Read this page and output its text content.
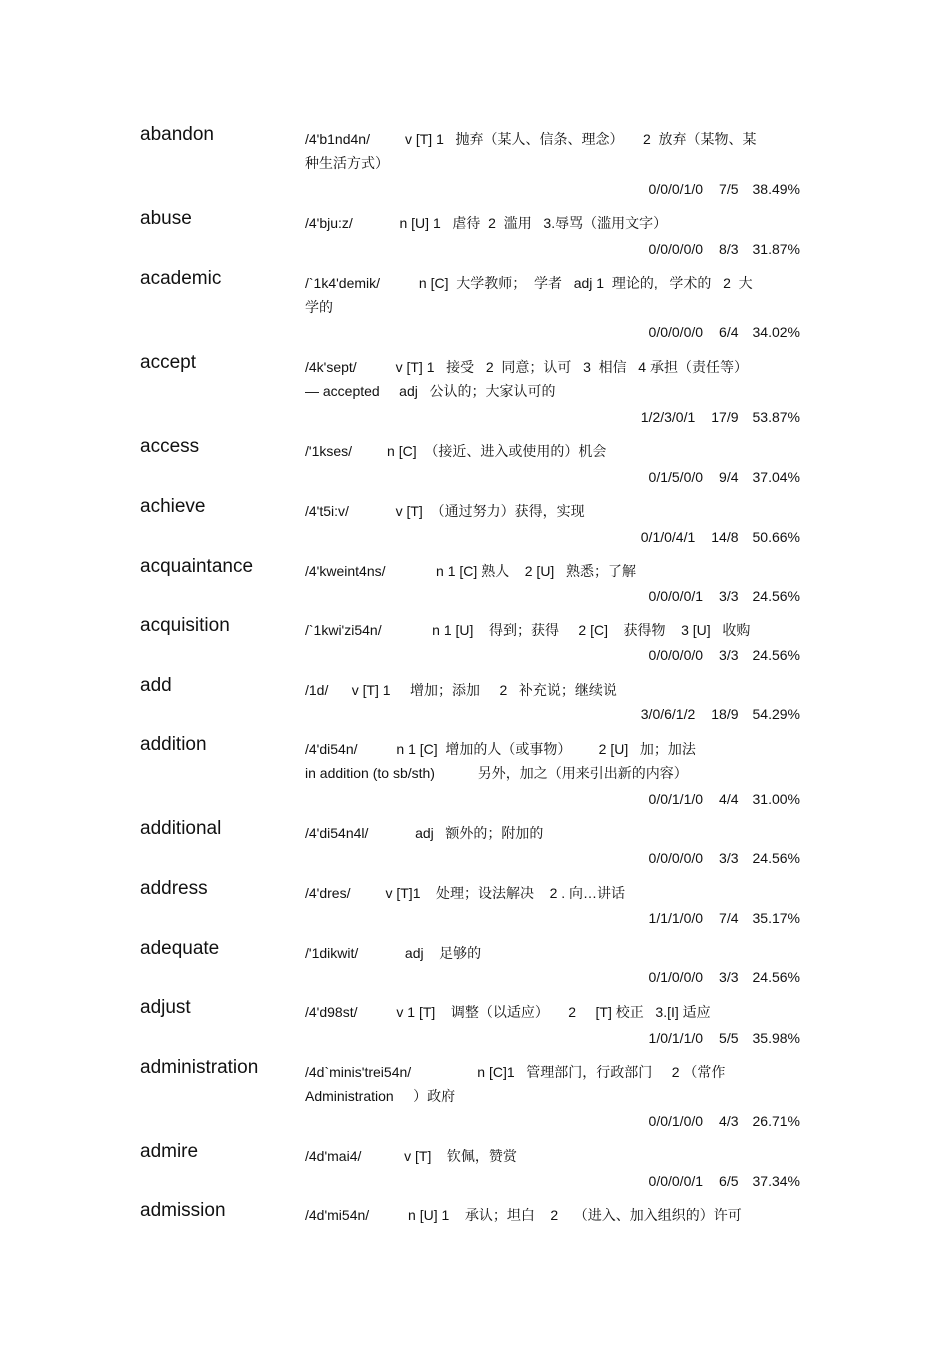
abandon	/4'b1nd4n/         v [T] 1   抛弃（某人、信条、理念）     2  放弃（某物、某
种生活方式）
0/0/0/1/0 7/5 38.49%
abuse	/4'bju:z/            n [U] 1   虐待  2  滥用   3.辱骂（滥用文字）
0/0/0/0/0 8/3 31.87%
academic	/`1k4'demik/          n [C]  大学教师；  学者   adj 1  理论的,   学术的   2  大
学的
0/0/0/0/0 6/4 34.02%
accept	/4k'sept/          v [T] 1   接受   2  同意；认可   3  相信   4 承担（责任等）
— accepted     adj   公认的；大家认可的
1/2/3/0/1 17/9 53.87%
access	/'1kses/         n [C]  （接近、进入或使用的）机会
0/1/5/0/0 9/4 37.04%
achieve	/4't5i:v/            v [T]  （通过努力）获得，实现
0/1/0/4/1 14/8 50.66%
acquaintance	/4'kweint4ns/             n 1 [C] 熟人    2 [U]   熟悉；了解
0/0/0/0/1 3/3 24.56%
acquisition	/`1kwi'zi54n/             n 1 [U]    得到；获得     2 [C]    获得物    3 [U]   收购
0/0/0/0/0 3/3 24.56%
add	/1d/      v [T] 1     增加；添加     2   补充说；继续说
3/0/6/1/2 18/9 54.29%
addition	/4'di54n/          n 1 [C]  增加的人（或事物）       2 [U]   加；加法
in addition (to sb/sth)           另外，加之（用来引出新的内容）
0/0/1/1/0 4/4 31.00%
additional	/4'di54n4l/            adj   额外的；附加的
0/0/0/0/0 3/3 24.56%
address	/4'dres/         v [T]1    处理；设法解决    2 . 向…讲话
1/1/1/0/0 7/4 35.17%
adequate	/'1dikwit/            adj    足够的
0/1/0/0/0 3/3 24.56%
adjust	/4'd98st/          v 1 [T]    调整（以适应）     2     [T] 校正   3.[I] 适应
1/0/1/1/0 5/5 35.98%
administration	/4d`minis'trei54n/                 n [C]1   管理部门，行政部门     2 （常作
Administration     ）政府
0/0/1/0/0 4/3 26.71%
admire	/4d'mai4/           v [T]    钦佩，赞赏
0/0/0/0/1 6/5 37.34%
admission	/4d'mi54n/          n [U] 1    承认；坦白    2    （进入、加入组织的）许可
